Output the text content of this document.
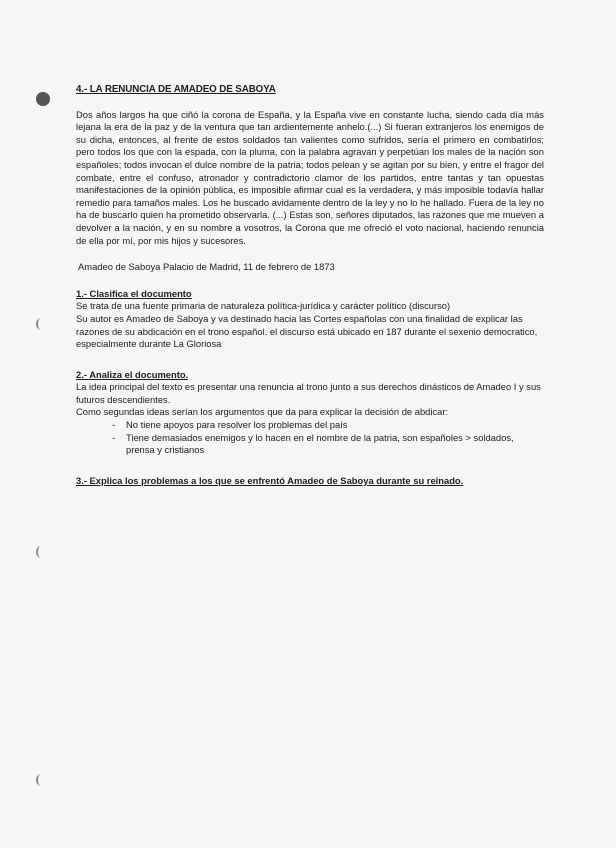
4.- LA RENUNCIA DE AMADEO DE SABOYA

Dos años largos ha que ciñó la corona de España, y la España vive en constante lucha, siendo cada día más lejana la era de la paz y de la ventura que tan ardientemente anhelo.(...) Si fueran extranjeros los enemigos de su dicha, entonces, al frente de estos soldados tan valientes como sufridos, sería el primero en combatirlos; pero todos los que con la espada, con la pluma, con la palabra agravan y perpetúan los males de la nación son españoles; todos invocan el dulce nombre de la patria; todos pelean y se agitan por su bien, y entre el fragor del combate, entre el confuso, atronador y contradictorio clamor de los partidos, entre tantas y tan opuestas manifestaciones de la opinión pública, es imposible afirmar cual es la verdadera, y más imposible todavía hallar remedio para tamaños males. Los he buscado avidamente dentro de la ley y no lo he hallado. Fuera de la ley no ha de buscarlo quien ha prometido observarla. (...) Estas son, señores diputados, las razones que me mueven a devolver a la nación, y en su nombre a vosotros, la Corona que me ofreció el voto nacional, haciendo renuncia de ella por mí, por mis hijos y sucesores.

Amadeo de Saboya Palacio de Madrid, 11 de febrero de 1873

1.- Clasifica el documento

Se trata de una fuente primaria de naturaleza política-jurídica y carácter político (discurso)

Su autor es Amadeo de Saboya y va destinado hacia las Cortes españolas con una finalidad de explicar las razones de su abdicación en el trono español. el discurso está ubicado en 187 durante el sexenio democratico, especialmente durante La Gloriosa

2.- Analiza el documento.

La idea principal del texto es presentar una renuncia al trono junto a sus derechos dinásticos de Amadeo I y sus futuros descendientes.

Como segundas ideas serían los argumentos que da para explicar la decisión de abdicar:

- No tiene apoyos para resolver los problemas del país
- Tiene demasiados enemigos y lo hacen en el nombre de la patria, son españoles > soldados, prensa y cristianos
3.- Explica los problemas a los que se enfrentó Amadeo de Saboya durante su reinado.
